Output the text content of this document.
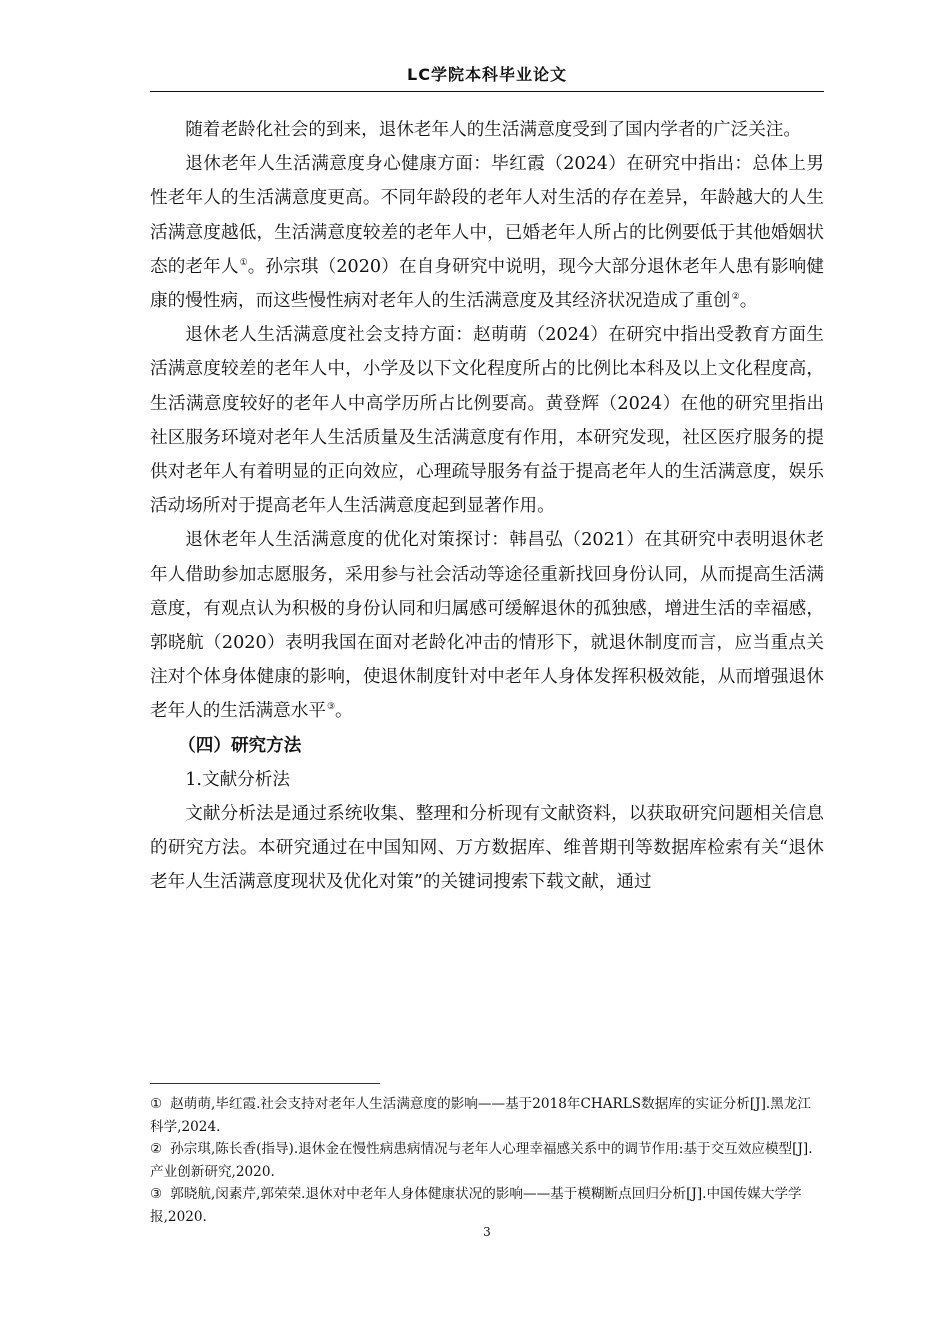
LC学院本科毕业论文

随着老龄化社会的到来，退休老年人的生活满意度受到了国内学者的广泛关注。

退休老年人生活满意度身心健康方面：毕红霞（2024）在研究中指出：总体上男性老年人的生活满意度更高。不同年龄段的老年人对生活的存在差异，年龄越大的人生活满意度越低，生活满意度较差的老年人中，已婚老年人所占的比例要低于其他婚姻状态的老年人①。孙宗琪（2020）在自身研究中说明，现今大部分退休老年人患有影响健康的慢性病，而这些慢性病对老年人的生活满意度及其经济状况造成了重创②。

退休老人生活满意度社会支持方面：赵萌萌（2024）在研究中指出受教育方面生活满意度较差的老年人中，小学及以下文化程度所占的比例比本科及以上文化程度高，生活满意度较好的老年人中高学历所占比例要高。黄登辉（2024）在他的研究里指出社区服务环境对老年人生活质量及生活满意度有作用，本研究发现，社区医疗服务的提供对老年人有着明显的正向效应，心理疏导服务有益于提高老年人的生活满意度，娱乐活动场所对于提高老年人生活满意度起到显著作用。

退休老年人生活满意度的优化对策探讨：韩昌弘（2021）在其研究中表明退休老年人借助参加志愿服务，采用参与社会活动等途径重新找回身份认同，从而提高生活满意度，有观点认为积极的身份认同和归属感可缓解退休的孤独感，增进生活的幸福感，郭晓航（2020）表明我国在面对老龄化冲击的情形下，就退休制度而言，应当重点关注对个体身体健康的影响，使退休制度针对中老年人身体发挥积极效能，从而增强退休老年人的生活满意水平③。

（四）研究方法

1.文献分析法

文献分析法是通过系统收集、整理和分析现有文献资料，以获取研究问题相关信息的研究方法。本研究通过在中国知网、万方数据库、维普期刊等数据库检索有关“退休老年人生活满意度现状及优化对策”的关键词搜索下载文献，通过

① 赵萌萌,毕红霞.社会支持对老年人生活满意度的影响——基于2018年CHARLS数据库的实证分析[J].黑龙江科学,2024.

② 孙宗琪,陈长香(指导).退休金在慢性病患病情况与老年人心理幸福感关系中的调节作用:基于交互效应模型[J].产业创新研究,2020.

③ 郭晓航,闵素芹,郭荣荣.退休对中老年人身体健康状况的影响——基于模糊断点回归分析[J].中国传媒大学学报,2020.

3
